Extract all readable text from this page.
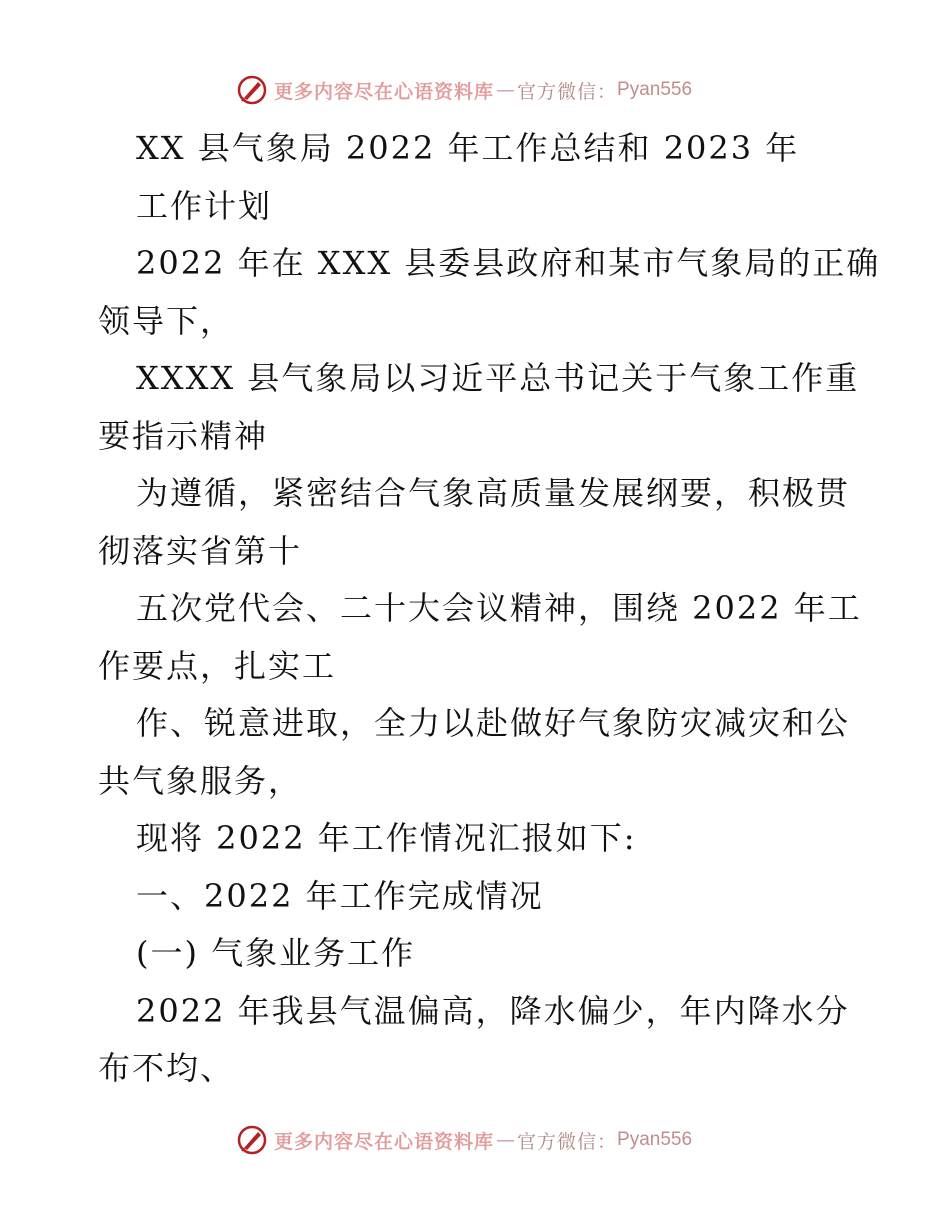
更多内容尽在心语资料库 — 官方微信： Pyan556
XX 县气象局 2022 年工作总结和 2023 年
工作计划
2022 年在 XXX 县委县政府和某市气象局的正确
领导下，
XXXX 县气象局以习近平总书记关于气象工作重
要指示精神
为遵循，紧密结合气象高质量发展纲要，积极贯
彻落实省第十
五次党代会、二十大会议精神，围绕 2022 年工
作要点，扎实工
作、锐意进取，全力以赴做好气象防灾减灾和公
共气象服务，
现将 2022 年工作情况汇报如下:
一、2022 年工作完成情况
(一) 气象业务工作
2022 年我县气温偏高，降水偏少，年内降水分
布不均、
更多内容尽在心语资料库 — 官方微信： Pyan556
